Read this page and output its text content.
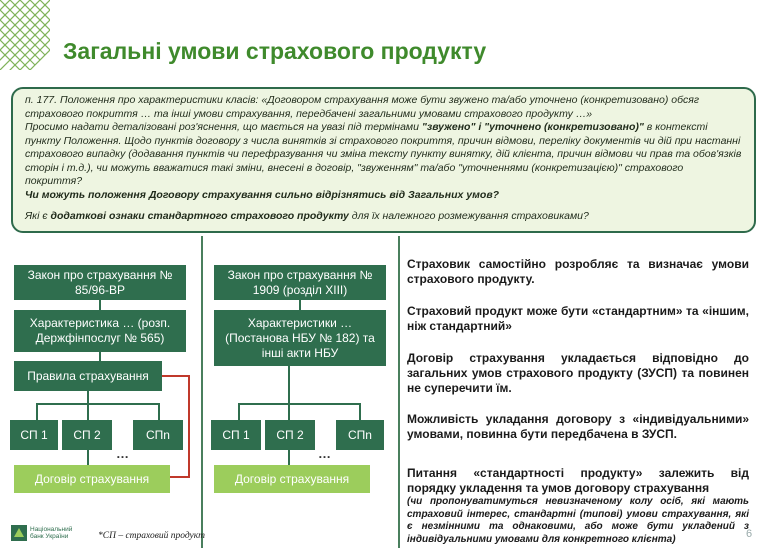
Загальні умови страхового продукту

п. 177. Положення про характеристики класів: «Договором страхування може бути звужено та/або уточнено (конкретизовано) обсяг страхового покриття … та інші умови страхування, передбачені загальними умовами страхового продукту …»

Просимо надати деталізовані роз'яснення, що мається на увазі під термінами "звужено" і "уточнено (конкретизовано)" в контексті пункту Положення. Щодо пунктів договору з числа винятків зі страхового покриття, причин відмови, переліку документів чи дій при настанні страхового випадку (додавання пунктів чи перефразування чи зміна тексту пункту винятку, дій клієнта, причин відмови чи прав та обов'язків сторін і т.д.), чи можуть вважатися такі зміни, внесені в договір, "звуженням" та/або "уточненнями (конкретизацією)" страхового покриття?

Чи можуть положення Договору страхування сильно відрізнятись від Загальних умов?

Які є додаткові ознаки стандартного страхового продукту для їх належного розмежування страховиками?

Закон про страхування № 85/96-ВР
Характеристика … (розп. Держфінпослуг № 565)
Правила страхування
СП 1	СП 2
…
СПn
Договір страхування
Закон про страхування № 1909 (розділ XIII)
Характеристики … (Постанова НБУ № 182) та інші акти НБУ
СП 1	СП 2
…
СПn
Договір страхування

Страховик самостійно розробляє та визначає умови страхового продукту.

Страховий продукт може бути «стандартним» та «іншим, ніж стандартний»

Договір страхування укладається відповідно до загальних умов страхового продукту (ЗУСП) та повинен не суперечити їм.

Можливість укладання договору з «індивідуальними» умовами, повинна бути передбачена в ЗУСП.

Питання «стандартності продукту» залежить від порядку укладення та умов договору страхування
(чи пропонуватимуться невизначеному колу осіб, які мають страховий інтерес, стандартні (типові) умови страхування, які є незмінними та однаковими, або може бути укладений з індивідуальними умовами для конкретного клієнта)
Національний
банк України	*СП – страховий продукт	6
